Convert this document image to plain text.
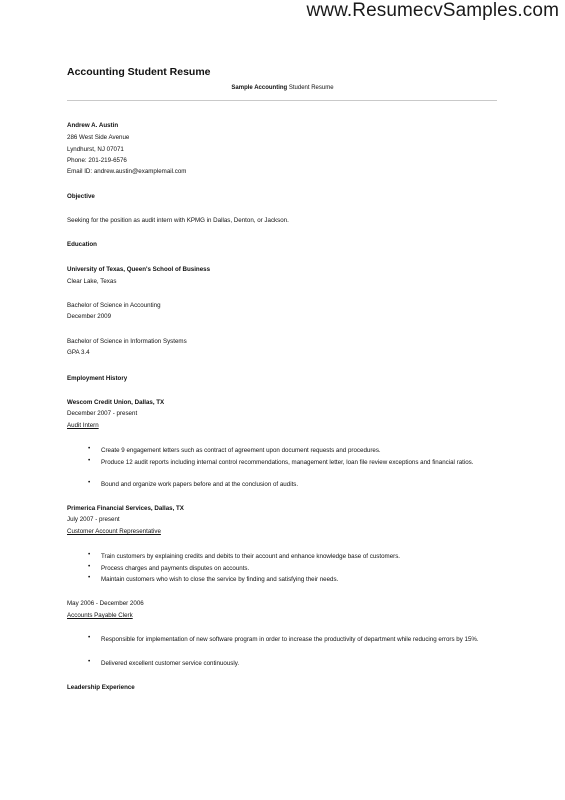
www.ResumecvSamples.com
Accounting Student Resume
Sample Accounting Student Resume
Andrew A. Austin
286 West Side Avenue
Lyndhurst, NJ 07071
Phone: 201-219-6576
Email ID: andrew.austin@examplemail.com
Objective
Seeking for the position as audit intern with KPMG in Dallas, Denton, or Jackson.
Education
University of Texas, Queen's School of Business
Clear Lake, Texas
Bachelor of Science in Accounting
December 2009
Bachelor of Science in Information Systems
GPA 3.4
Employment History
Wescom Credit Union, Dallas, TX
December 2007 - present
Audit Intern
• Create 9 engagement letters such as contract of agreement upon document requests and procedures.
• Produce 12 audit reports including internal control recommendations, management letter, loan file review exceptions and financial ratios.
• Bound and organize work papers before and at the conclusion of audits.
Primerica Financial Services, Dallas, TX
July 2007 - present
Customer Account Representative
• Train customers by explaining credits and debits to their account and enhance knowledge base of customers.
• Process charges and payments disputes on accounts.
• Maintain customers who wish to close the service by finding and satisfying their needs.
May 2006 - December 2006
Accounts Payable Clerk
• Responsible for implementation of new software program in order to increase the productivity of department while reducing errors by 15%.
• Delivered excellent customer service continuously.
Leadership Experience
